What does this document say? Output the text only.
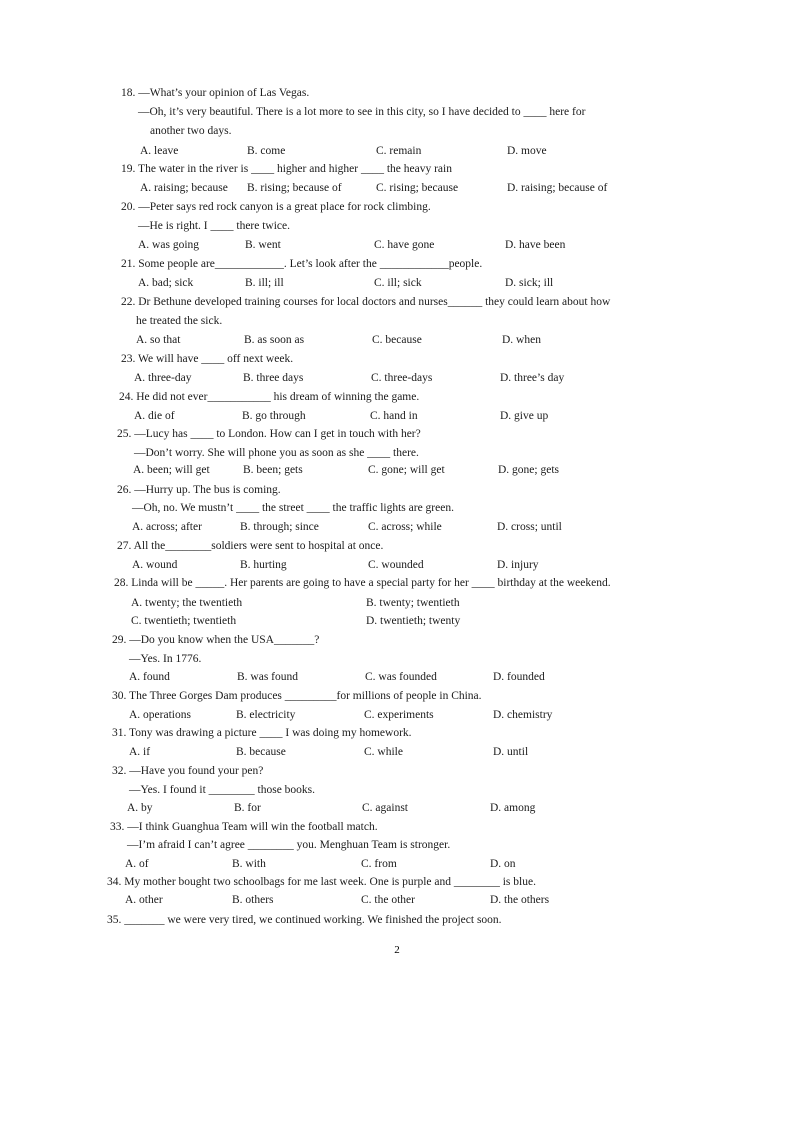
18. —What’s your opinion of Las Vegas.
—Oh, it’s very beautiful. There is a lot more to see in this city, so I have decided to ____ here for
another two days.
A. leave	B. come	C. remain	D. move
19. The water in the river is ____ higher and higher ____ the heavy rain
A. raising; because B. rising; because of	C. rising; because	D. raising; because of
20. —Peter says red rock canyon is a great place for rock climbing.
—He is right. I ____ there twice.
A. was going	B. went	C. have gone	D. have been
21. Some people are____________. Let’s look after the ____________people.
A. bad; sick	B. ill; ill	C. ill; sick	D. sick; ill
22. Dr Bethune developed training courses for local doctors and nurses______ they could learn about how
he treated the sick.
A. so that	B. as soon as	C. because	D. when
23. We will have ____ off next week.
A. three-day	B. three days	C. three-days	D. three’s day
24. He did not ever___________ his dream of winning the game.
A. die of	B. go through	C. hand in	D. give up
25. —Lucy has ____ to London. How can I get in touch with her?
—Don’t worry. She will phone you as soon as she ____ there.
A. been; will get	B. been; gets	C. gone; will get	D. gone; gets
26. —Hurry up. The bus is coming.
—Oh, no. We mustn’t ____ the street ____ the traffic lights are green.
A. across; after	B. through; since	C. across; while	D. cross; until
27. All the________soldiers were sent to hospital at once.
A. wound	B. hurting	C. wounded	D. injury
28. Linda will be _____. Her parents are going to have a special party for her ____ birthday at the weekend.
A. twenty; the twentieth	B. twenty; twentieth
C. twentieth; twentieth	D. twentieth; twenty
29. —Do you know when the USA_______?
—Yes. In 1776.
A. found	B. was found	C. was founded	D. founded
30. The Three Gorges Dam produces _________for millions of people in China.
A. operations	B. electricity	C. experiments	D. chemistry
31. Tony was drawing a picture ____ I was doing my homework.
A. if	B. because	C. while	D. until
32. —Have you found your pen?
—Yes. I found it ________ those books.
A. by	B. for	C. against	D. among
33. —I think Guanghua Team will win the football match.
—I’m afraid I can’t agree ________ you. Menghuan Team is stronger.
A. of	B. with	C. from	D. on
34. My mother bought two schoolbags for me last week. One is purple and ________ is blue.
A. other	B. others	C. the other	D. the others
35. _______ we were very tired, we continued working. We finished the project soon.
2
